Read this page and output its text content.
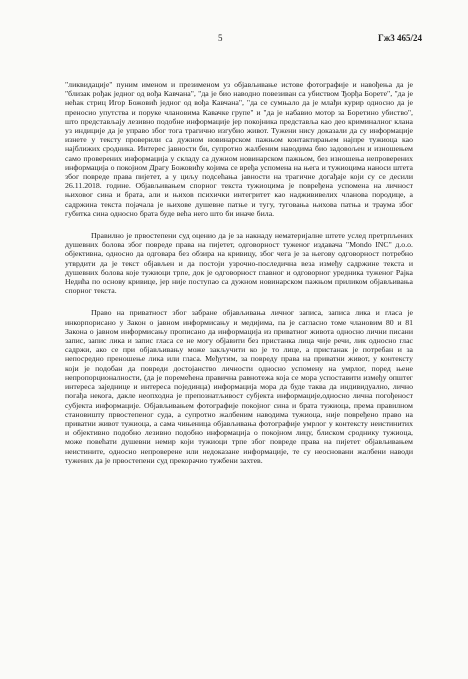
5	Гж3 465/24

"ликвидације" пуним именом и презименом уз објављивање истове фотографије и навођења да је "близак рођак једног од вођа Кавчана", "да је био наводно повезиван са убиством Ђорђа Борете", "да је нећак стриц Игор Божовић једног од вођа Кавчана", "да се сумњало да је млађи курир односно да је преносио упутства и поруке члановима Кавачке групе" и "да је набавио мотор за Боретино убиство", што представљају лезивно подобне информације јер покојника представља као део криминалног клана уз индиције да је управо због тога трагично изгубио живот. Тужени нису доказали да су информације изнете у тексту проверили са дужном новинарском пажњом контактирањем најпре тужиоца као најближих сродника. Интерес јавности би, супротно жалбеним наводима био задовољен и изношењем само проверених информација у складу са дужном новинарском пажњом, без изношења непроверених информација о покојном Драгу Божовићу којима се вређа успомена на њега и тужиоцима наноси штета због повреде права пијетет, а у циљу подсећања јавности на трагичне догађаје који су се десили 26.11.2018. године. Објављивањем спорног текста тужиоцима је повређена успомена на личност њиховог сина и брата, али и њихов психички интегритет као наджививелих чланова породице, а садржина текста појачала је њихове душевне патње и тугу, туговања њихова патња и траума због губитка сина односно брата буде већа него што би иначе била.

Правилно је првостепени суд оценио да је за накнаду нематеријалне штете услед претрпљених душевних болова због повреде права на пијетет, одговорност туженог издавача "Mondo INC" д.о.о. објективна, односно да одговара без обзира на кривицу, због чега је за његову одговорност потребно утврдити да је текст објављен и да постоји узрочно-последична веза између садржине текста и душевних болова које тужиоци трпе, док је одговорност главног и одговорног уредника туженог Рајка Недића по основу кривице, јер није поступао са дужном новинарском пажњом приликом објављивања спорног текста.

Право на приватност због забране објављивања личног записа, записа лика и гласа је инкорпорисано у Закон о јавном информисању и медијима, па је сагласно томе члановим 80 и 81 Закона о јавном информисању прописано да информација из приватног живота односно лични писани запис, запис лика и запис гласа се не могу објавити без пристанка лица чије речи, лик односно глас садржи, ако се при објављивању може закључити ко је то лице, а пристанак је потребан и за непосредно преношење лика или гласа. Међутим, за повреду права на приватни живот, у контексту који је подобан да повреди достојанство личности односно успомену на умрлог, поред њене непропорционалности, (да је поремећена правична равнотежа која се мора успоставити између општег интереса заједнице и интереса појединца) информација мора да буде таква да индивидуално, лично погађа некога, дакле неопходна је препознатљивост субјекта информације,односно лична погођеност субјекта информације. Објављивањем фотографије покојног сина и брата тужиоца, према правилном становишту првостепеног суда, а супротно жалбеним наводима тужиоца, није повређено право на приватни живот тужиоца, а сама чињеница објављивања фотографије умрлог у контексту неистинитих и објективно подобно лезивно подобно информација о покојном лицу, блиском сроднику тужиоца, може повећати душевни немир који тужиоци трпе због повреде права на пијетет објављивањем неистините, односно непроверене или недоказане информације, те су неосновани жалбени наводи тужених да је првостепени суд прекорачио тужбени захтев.
